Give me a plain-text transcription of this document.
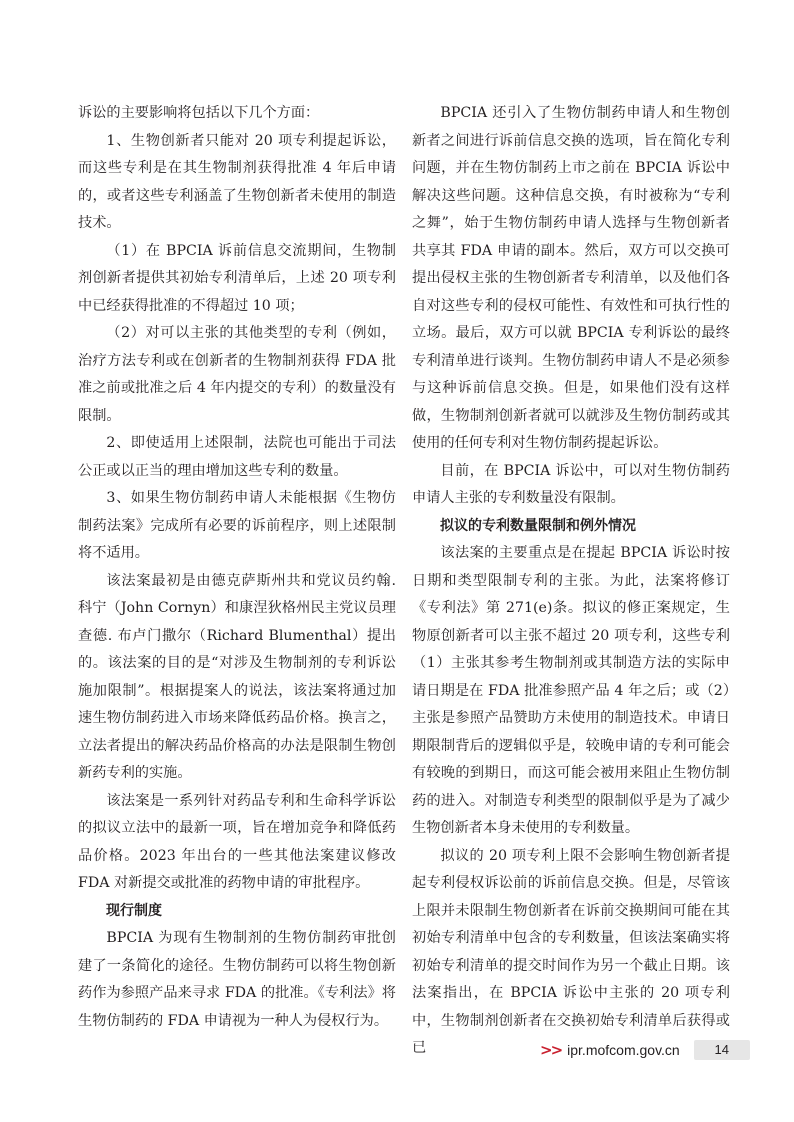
诉讼的主要影响将包括以下几个方面：

1、生物创新者只能对 20 项专利提起诉讼，而这些专利是在其生物制剂获得批准 4 年后申请的，或者这些专利涵盖了生物创新者未使用的制造技术。

（1）在 BPCIA 诉前信息交流期间，生物制剂创新者提供其初始专利清单后，上述 20 项专利中已经获得批准的不得超过 10 项；

（2）对可以主张的其他类型的专利（例如，治疗方法专利或在创新者的生物制剂获得 FDA 批准之前或批准之后 4 年内提交的专利）的数量没有限制。

2、即使适用上述限制，法院也可能出于司法公正或以正当的理由增加这些专利的数量。

3、如果生物仿制药申请人未能根据《生物仿制药法案》完成所有必要的诉前程序，则上述限制将不适用。

该法案最初是由德克萨斯州共和党议员约翰. 科宁（John Cornyn）和康涅狄格州民主党议员理查德. 布卢门撒尔（Richard Blumenthal）提出的。该法案的目的是“对涉及生物制剂的专利诉讼施加限制”。根据提案人的说法，该法案将通过加速生物仿制药进入市场来降低药品价格。换言之，立法者提出的解决药品价格高的办法是限制生物创新药专利的实施。

该法案是一系列针对药品专利和生命科学诉讼的拟议立法中的最新一项，旨在增加竞争和降低药品价格。2023 年出台的一些其他法案建议修改 FDA 对新提交或批准的药物申请的审批程序。

现行制度

BPCIA 为现有生物制剂的生物仿制药审批创建了一条简化的途径。生物仿制药可以将生物创新药作为参照产品来寻求 FDA 的批准。《专利法》将生物仿制药的 FDA 申请视为一种人为侵权行为。

BPCIA 还引入了生物仿制药申请人和生物创新者之间进行诉前信息交换的选项，旨在简化专利问题，并在生物仿制药上市之前在 BPCIA 诉讼中解决这些问题。这种信息交换，有时被称为“专利之舞”，始于生物仿制药申请人选择与生物创新者共享其 FDA 申请的副本。然后，双方可以交换可提出侵权主张的生物创新者专利清单，以及他们各自对这些专利的侵权可能性、有效性和可执行性的立场。最后，双方可以就 BPCIA 专利诉讼的最终专利清单进行谈判。生物仿制药申请人不是必须参与这种诉前信息交换。但是，如果他们没有这样做，生物制剂创新者就可以就涉及生物仿制药或其使用的任何专利对生物仿制药提起诉讼。

目前，在 BPCIA 诉讼中，可以对生物仿制药申请人主张的专利数量没有限制。

拟议的专利数量限制和例外情况

该法案的主要重点是在提起 BPCIA 诉讼时按日期和类型限制专利的主张。为此，法案将修订《专利法》第 271(e)条。拟议的修正案规定，生物原创新者可以主张不超过 20 项专利，这些专利（1）主张其参考生物制剂或其制造方法的实际申请日期是在 FDA 批准参照产品 4 年之后；或（2）主张是参照产品赞助方未使用的制造技术。申请日期限制背后的逻辑似乎是，较晚申请的专利可能会有较晚的到期日，而这可能会被用来阻止生物仿制药的进入。对制造专利类型的限制似乎是为了减少生物创新者本身未使用的专利数量。

拟议的 20 项专利上限不会影响生物创新者提起专利侵权诉讼前的诉前信息交换。但是，尽管该上限并未限制生物创新者在诉前交换期间可能在其初始专利清单中包含的专利数量，但该法案确实将初始专利清单的提交时间作为另一个截止日期。该法案指出，在 BPCIA 诉讼中主张的 20 项专利中，生物制剂创新者在交换初始专利清单后获得或已	>> ipr.mofcom.gov.cn	14
